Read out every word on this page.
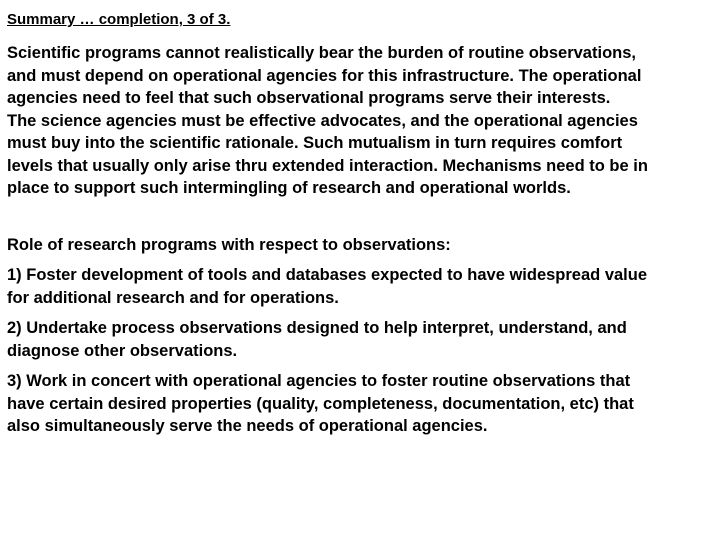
Summary … completion, 3 of 3.

Scientific programs cannot realistically bear the burden of routine observations,
and must depend on operational agencies for this infrastructure. The operational
agencies need to feel that such observational programs serve their interests.
The science agencies must be effective advocates, and the operational agencies
must buy into the scientific rationale. Such mutualism in turn requires comfort
levels that usually only arise thru extended interaction. Mechanisms need to be in
place to support such intermingling of research and operational worlds.

Role of research programs with respect to observations:

1) Foster development of tools and databases expected to have widespread value
for additional research and for operations.

2) Undertake process observations designed to help interpret, understand, and
diagnose other observations.

3) Work in concert with operational agencies to foster routine observations that
have certain desired properties (quality, completeness, documentation, etc) that
also simultaneously serve the needs of operational agencies.
